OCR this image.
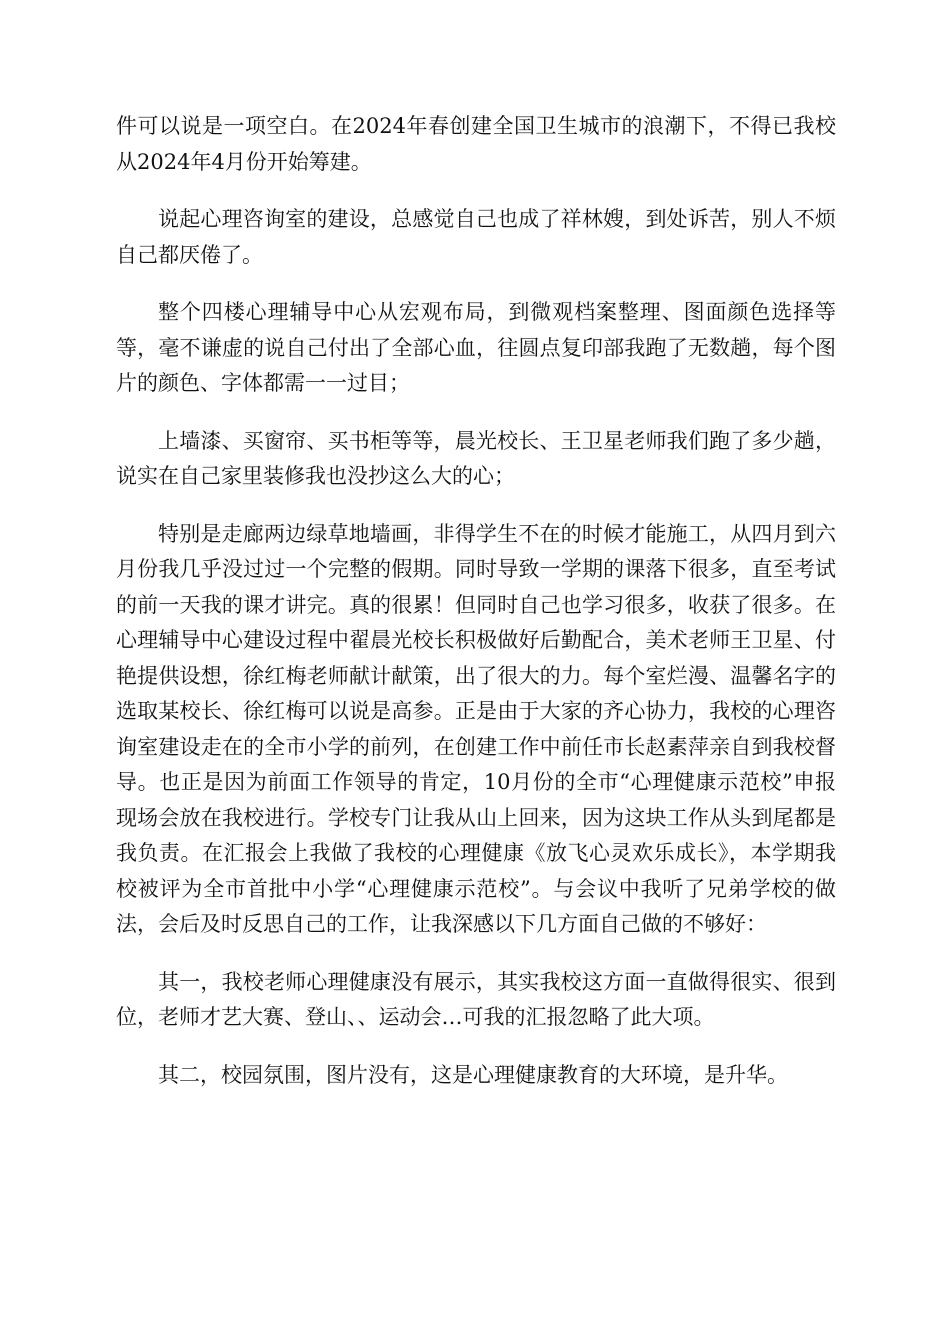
件可以说是一项空白。在2024年春创建全国卫生城市的浪潮下，不得已我校从2024年4月份开始筹建。

说起心理咨询室的建设，总感觉自己也成了祥林嫂，到处诉苦，别人不烦自己都厌倦了。

整个四楼心理辅导中心从宏观布局，到微观档案整理、图面颜色选择等等，毫不谦虚的说自己付出了全部心血，往圆点复印部我跑了无数趟，每个图片的颜色、字体都需一一过目；

上墙漆、买窗帘、买书柜等等，晨光校长、王卫星老师我们跑了多少趟，说实在自己家里装修我也没抄这么大的心；

特别是走廊两边绿草地墙画，非得学生不在的时候才能施工，从四月到六月份我几乎没过过一个完整的假期。同时导致一学期的课落下很多，直至考试的前一天我的课才讲完。真的很累！但同时自己也学习很多，收获了很多。在心理辅导中心建设过程中翟晨光校长积极做好后勤配合，美术老师王卫星、付艳提供设想，徐红梅老师献计献策，出了很大的力。每个室烂漫、温馨名字的选取某校长、徐红梅可以说是高参。正是由于大家的齐心协力，我校的心理咨询室建设走在的全市小学的前列，在创建工作中前任市长赵素萍亲自到我校督导。也正是因为前面工作领导的肯定，10月份的全市“心理健康示范校”申报现场会放在我校进行。学校专门让我从山上回来，因为这块工作从头到尾都是我负责。在汇报会上我做了我校的心理健康《放飞心灵欢乐成长》，本学期我校被评为全市首批中小学“心理健康示范校”。与会议中我听了兄弟学校的做法，会后及时反思自己的工作，让我深感以下几方面自己做的不够好：

其一，我校老师心理健康没有展示，其实我校这方面一直做得很实、很到位，老师才艺大赛、登山、、运动会…可我的汇报忽略了此大项。

其二，校园氛围，图片没有，这是心理健康教育的大环境，是升华。
